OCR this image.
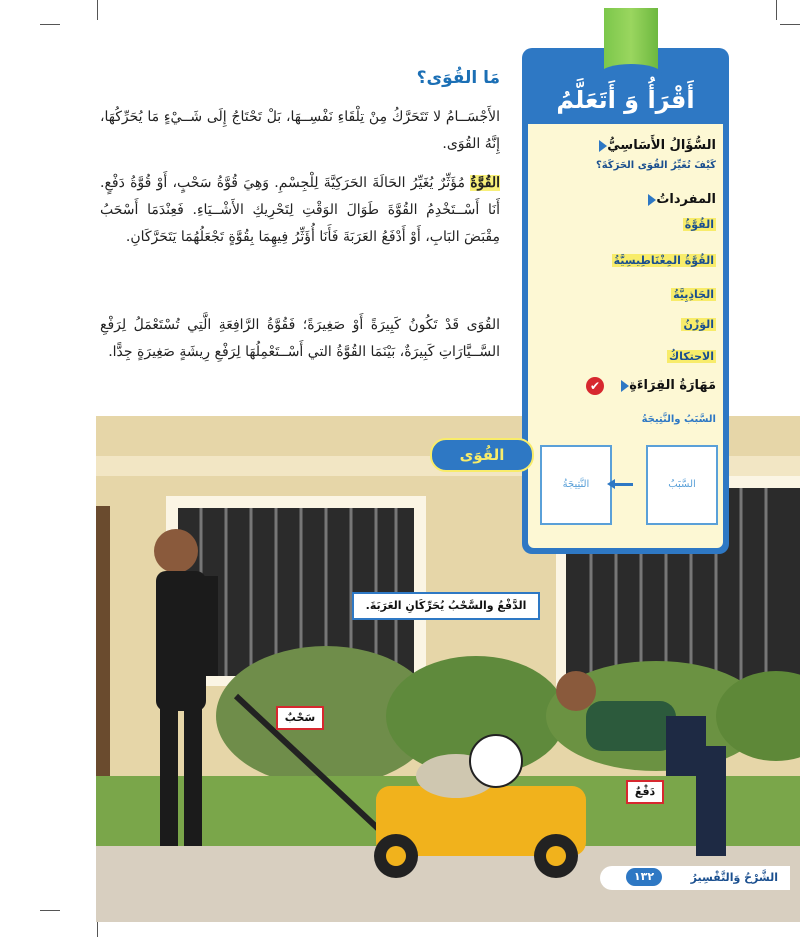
مَا القُوَى؟

الأَجْسَــامُ لا تَتَحَرَّكُ مِنْ تِلْقَاءِ نَفْسِــهَا، بَلْ تَحْتَاجُ إِلَى شَــيْءٍ مَا يُحَرِّكُهَا، إِنَّهُ القُوَى.

القُوَّةُ مُؤَثِّرٌ يُغَيِّرُ الحَالَةَ الحَرَكِيَّةَ لِلْجِسْمِ. وَهِيَ قُوَّةُ سَحْبٍ، أَوْ قُوَّةُ دَفْعٍ. أَنَا أَسْــتَخْدِمُ القُوَّةَ طَوَالَ الوَقْتِ لِتَحْرِيكِ الأَشْــيَاءِ. فَعِنْدَمَا أَسْحَبُ مِقْبَضَ البَابِ، أَوْ أَدْفَعُ العَرَبَةَ فَأَنَا أُؤَثِّرُ فِيهِمَا بِقُوَّةٍ تَجْعَلُهُمَا يَتَحَرَّكَانِ.

القُوَى قَدْ تَكُونُ كَبِيرَةً أَوْ صَغِيرَةً؛ فَقُوَّةُ الرَّافِعَةِ الَّتِي تُسْتَعْمَلُ لِرَفْعِ السَّــيَّارَاتِ كَبِيرَةٌ، بَيْنَمَا القُوَّةُ التي أَسْــتَعْمِلُهَا لِرَفْعِ رِيشَةٍ صَغِيرَةٍ جِدًّا.

أَقْرَأُ وَ أَتَعَلَّمُ
السُّؤَالُ الأَسَاسِيُّ
كَيْفَ تُغَيِّرُ القُوَى الحَرَكَةَ؟
المفرداتُ
القُوَّةُ
القُوَّةُ المِغْنَاطِيسِيَّةُ
الجَاذِبِيَّةُ
الوَزْنُ
الاحتكاكُ
مَهَارَةُ القِرَاءَةِ
✔
السَّبَبُ والنَّتِيجَةُ
السَّبَبُ
النَّتِيجَةُ
القُوَى
الدَّفْعُ والسَّحْبُ يُحَرِّكَانِ العَرَبَةَ.
سَحْبٌ
دَفْعٌ
١٣٢	الشَّرْحُ وَالتَّفْسِيرُ
